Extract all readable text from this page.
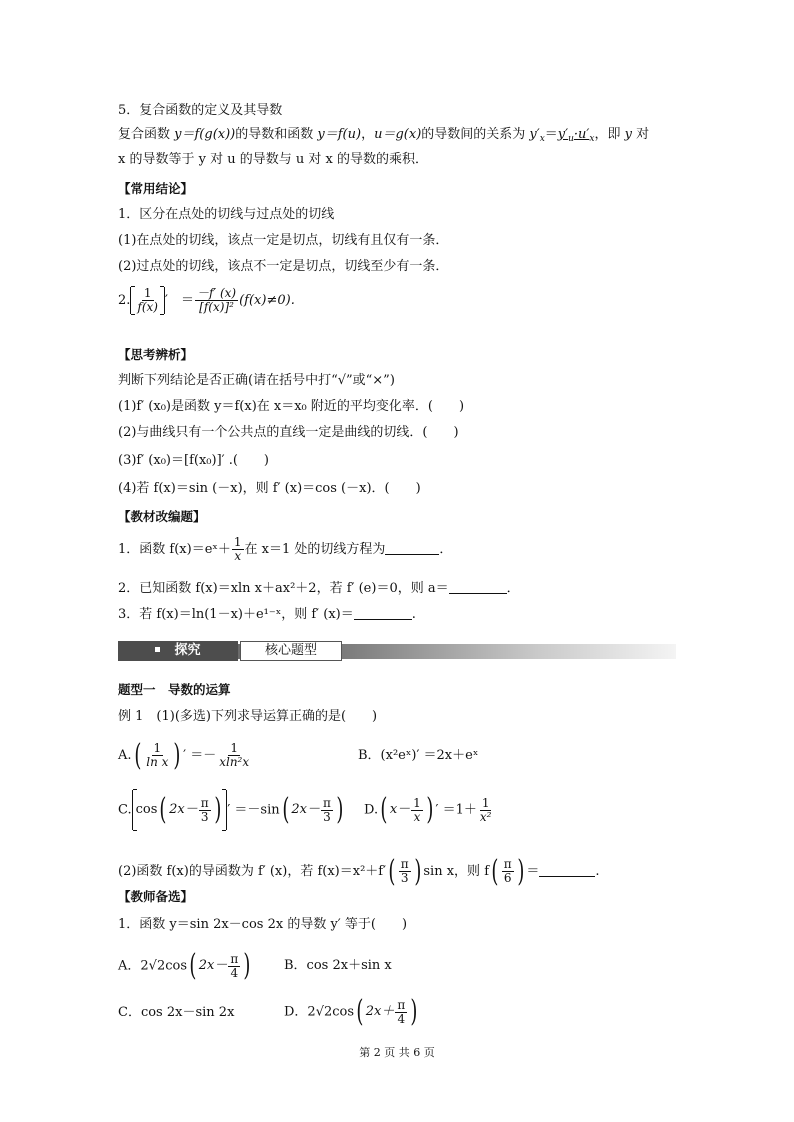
5．复合函数的定义及其导数
复合函数 y＝f(g(x))的导数和函数 y＝f(u)，u＝g(x)的导数间的关系为 $y'_x=y'_u\cdot u'_x$，即 y 对
x 的导数等于 y 对 u 的导数与 u 对 x 的导数的乘积．
【常用结论】
1．区分在点处的切线与过点处的切线
(1)在点处的切线，该点一定是切点，切线有且仅有一条．
(2)过点处的切线，该点不一定是切点，切线至少有一条．
2. $\frac{1}{f(x)}$ ′　 ＝ $\frac{-f' (x)}{\text{[f(x)]²}} (f(x)\ne 0)$.
【思考辨析】
判断下列结论是否正确(请在括号中打“√”或“×”)
(1)f′ (x₀)是函数 y＝f(x)在 x＝x₀ 附近的平均变化率．(　　)
(2)与曲线只有一个公共点的直线一定是曲线的切线．(　　)
(3)f′ (x₀)＝[f(x₀)]′ .(　　)
(4)若 f(x)＝sin (－x)，则 f′ (x)＝cos (－x)．(　　)
【教材改编题】
1．函数 f(x)＝eˣ＋ $\frac{1}{x}$ 在 x＝1 处的切线方程为	．
2．已知函数 f(x)＝xln x＋ax²＋2，若 f′ (e)＝0，则 a＝	．
3．若 f(x)＝ln(1－x)＋e¹⁻ˣ，则 f′ (x)＝	.
探究	核心题型
题型一　导数的运算
例 1　(1)(多选)下列求导运算正确的是(　　)
A. ( $\frac{1}{\text{ln x}}$ ) ′ ＝－ $\frac{1}{\text{xln²x}}$	B．(x²eˣ)′ ＝2x＋eˣ
C. cos ( $2x- \frac{\pi}{3}$ ) ′ ＝－sin ( $2x- \frac{\pi}{3}$ ) D. ( $x- \frac{1}{x}$ ) ′ $=1+ \frac{1}{\text{x²}}$
(2)函数 f(x)的导函数为 f′ (x)，若 f(x)＝x²＋f′ ( $\frac{\pi}{3}$ ) sin x，则 f ( $\frac{\pi}{6}$ ) ＝	.
【教师备选】
1．函数 y＝sin 2x－cos 2x 的导数 y′ 等于(　　)
A．2√2cos ( $2x- \frac{\pi}{4}$ )	B．cos 2x＋sin x
C．cos 2x－sin 2x	D．2√2cos ( $2x+ \frac{\pi}{4}$ )
第 2 页 共 6 页
